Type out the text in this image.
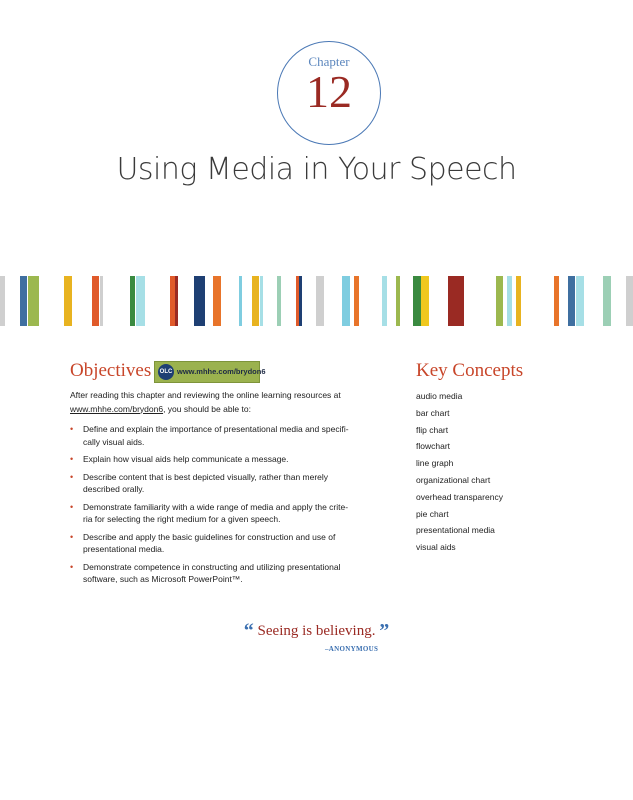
Chapter
12
Using Media in Your Speech
Objectives OLC www.mhhe.com/brydon6
After reading this chapter and reviewing the online learning resources at
www.mhhe.com/brydon6, you should be able to:
• Define and explain the importance of presentational media and specifi-
cally visual aids.
• Explain how visual aids help communicate a message.
• Describe content that is best depicted visually, rather than merely
described orally.
• Demonstrate familiarity with a wide range of media and apply the crite-
ria for selecting the right medium for a given speech.
• Describe and apply the basic guidelines for construction and use of
presentational media.
• Demonstrate competence in constructing and utilizing presentational
software, such as Microsoft PowerPoint™.
Key Concepts
audio media
bar chart
flip chart
flowchart
line graph
organizational chart
overhead transparency
pie chart
presentational media
visual aids
“ Seeing is believing. ”
–ANONYMOUS
